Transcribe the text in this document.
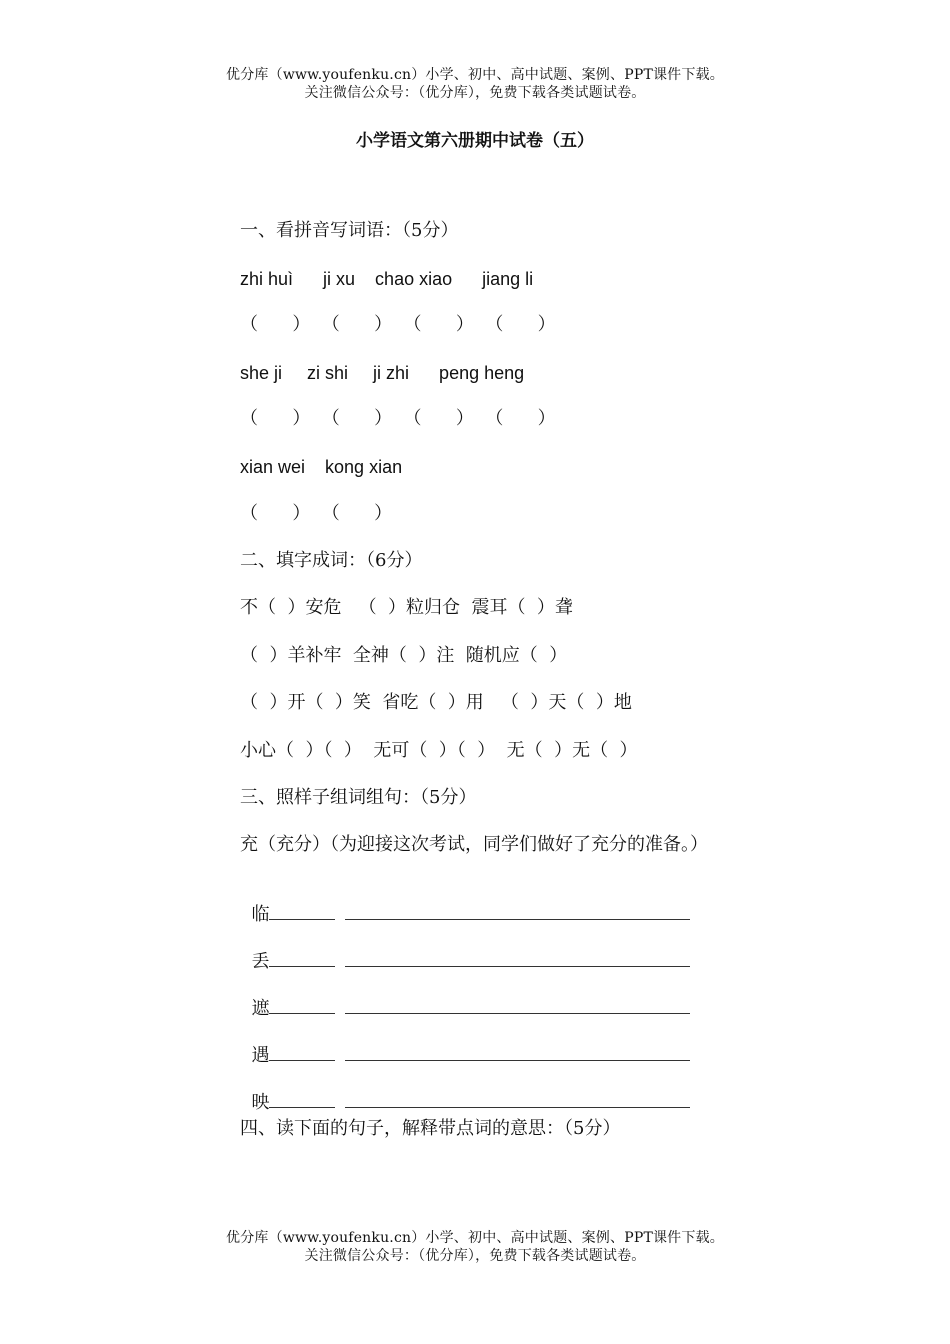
优分库（www.youfenku.cn）小学、初中、高中试题、案例、PPT课件下载。
关注微信公众号：（优分库），免费下载各类试题试卷。
小学语文第六册期中试卷（五）
一、看拼音写词语：（5分）
zhi huì      ji xu    chao xiao      jiang li
（      ）  （      ）  （      ）  （      ）
she ji     zi shi     ji zhi      peng heng
（      ）  （      ）  （      ）  （      ）
xian wei    kong xian
（      ）  （      ）
二、填字成词：（6分）
不（  ）安危   （  ）粒归仓  震耳（  ）聋
（  ）羊补牢  全神（  ）注  随机应（  ）
（  ）开（  ）笑  省吃（  ）用   （  ）天（  ）地
小心（  ）（  ）  无可（  ）（  ）  无（  ）无（  ）
三、照样子组词组句：（5分）
充（充分）（为迎接这次考试，同学们做好了充分的准备。）

临

丢

遮

遇

映

四、读下面的句子，解释带点词的意思：（5分）
优分库（www.youfenku.cn）小学、初中、高中试题、案例、PPT课件下载。
关注微信公众号：（优分库），免费下载各类试题试卷。
